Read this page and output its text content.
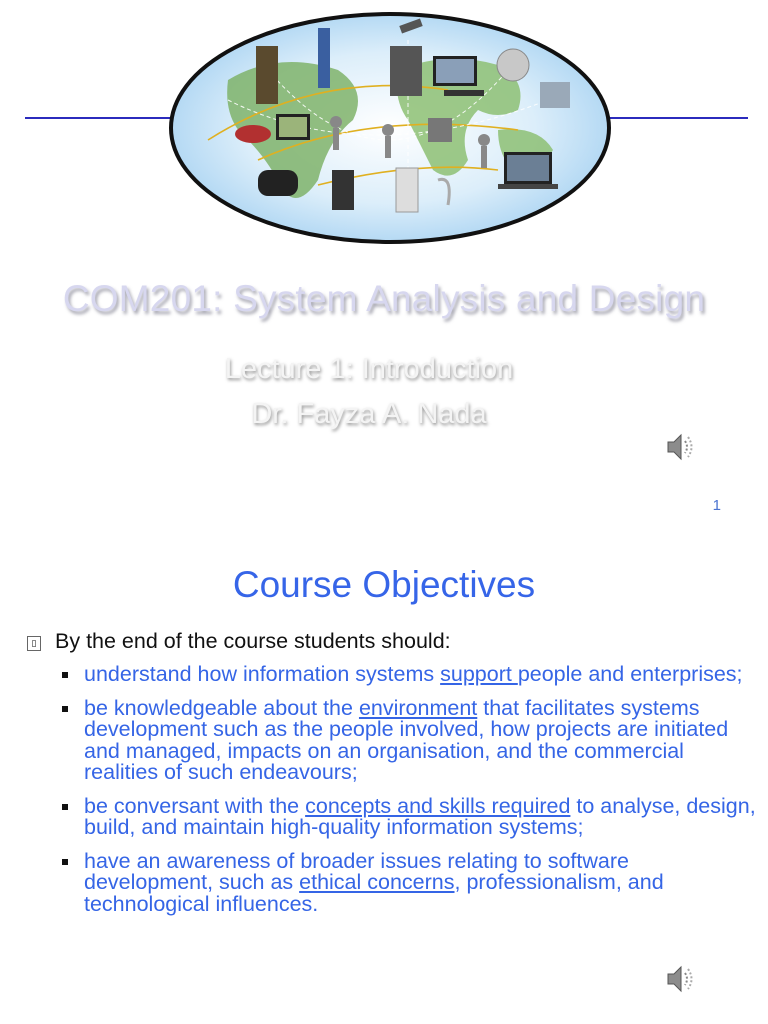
COM201: System Analysis and Design
Lecture 1: Introduction
Dr. Fayza A. Nada
1
Course Objectives
▯ By the end of the course students should:
understand how information systems support people and enterprises;
be knowledgeable about the environment that facilitates systems development such as the people involved, how projects are initiated and managed, impacts on an organisation, and the commercial realities of such endeavours;
be conversant with the concepts and skills required to analyse, design, build, and maintain high-quality information systems;
have an awareness of broader issues relating to software development, such as ethical concerns, professionalism, and technological influences.
